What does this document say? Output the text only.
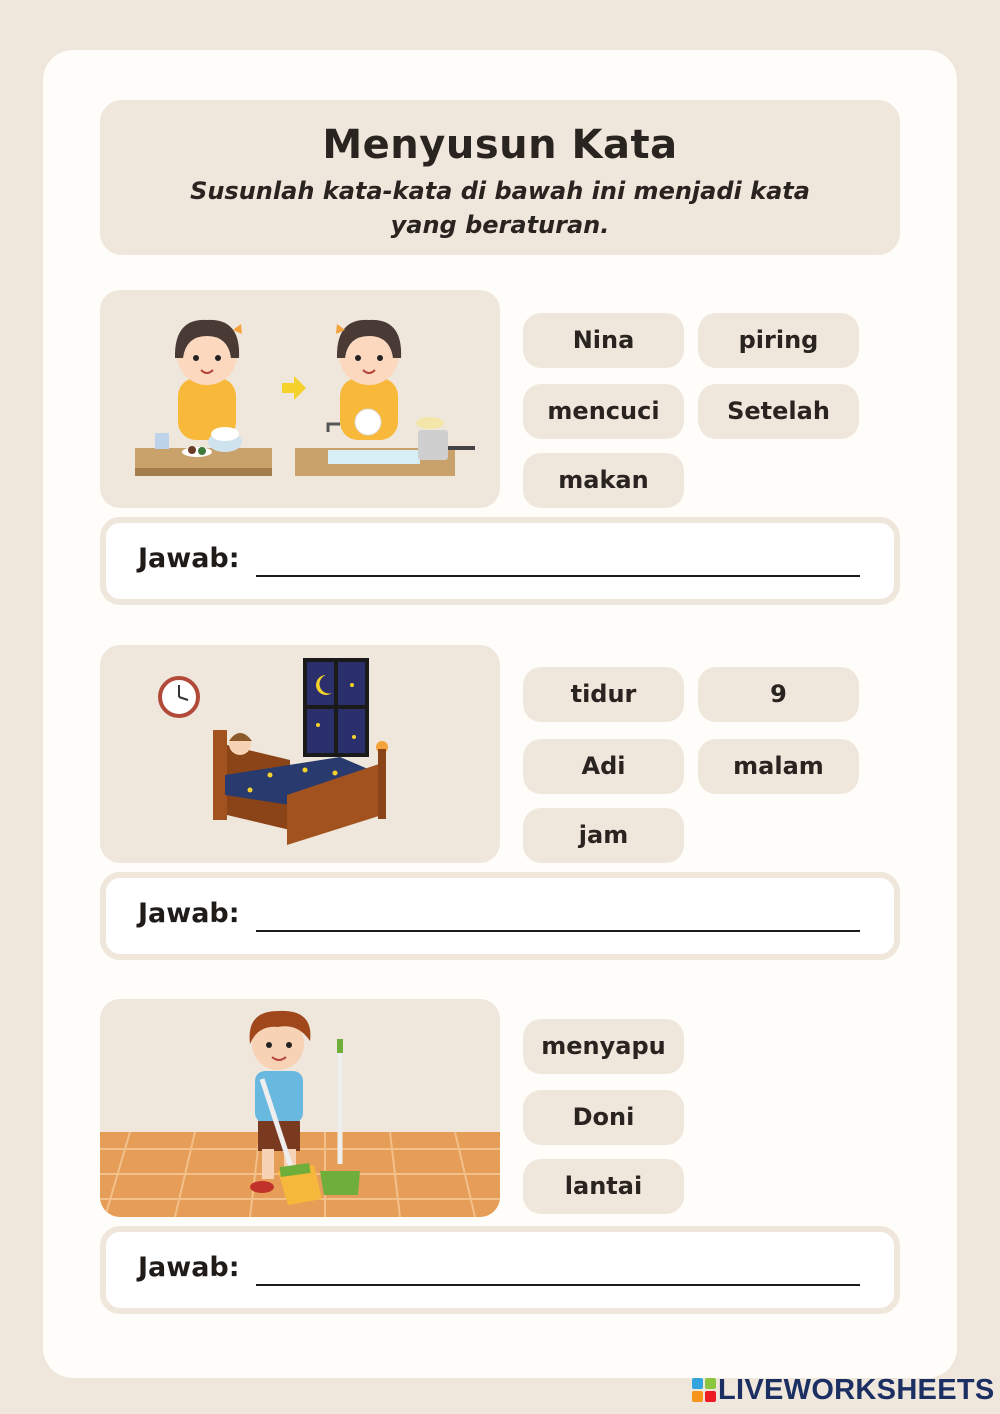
Menyusun Kata
Susunlah kata-kata di bawah ini menjadi kata yang beraturan.
Nina	piring
mencuci	Setelah
makan
Jawab:
tidur	9
Adi	malam
jam
Jawab:
menyapu
Doni
lantai
Jawab:
LIVEWORKSHEETS
